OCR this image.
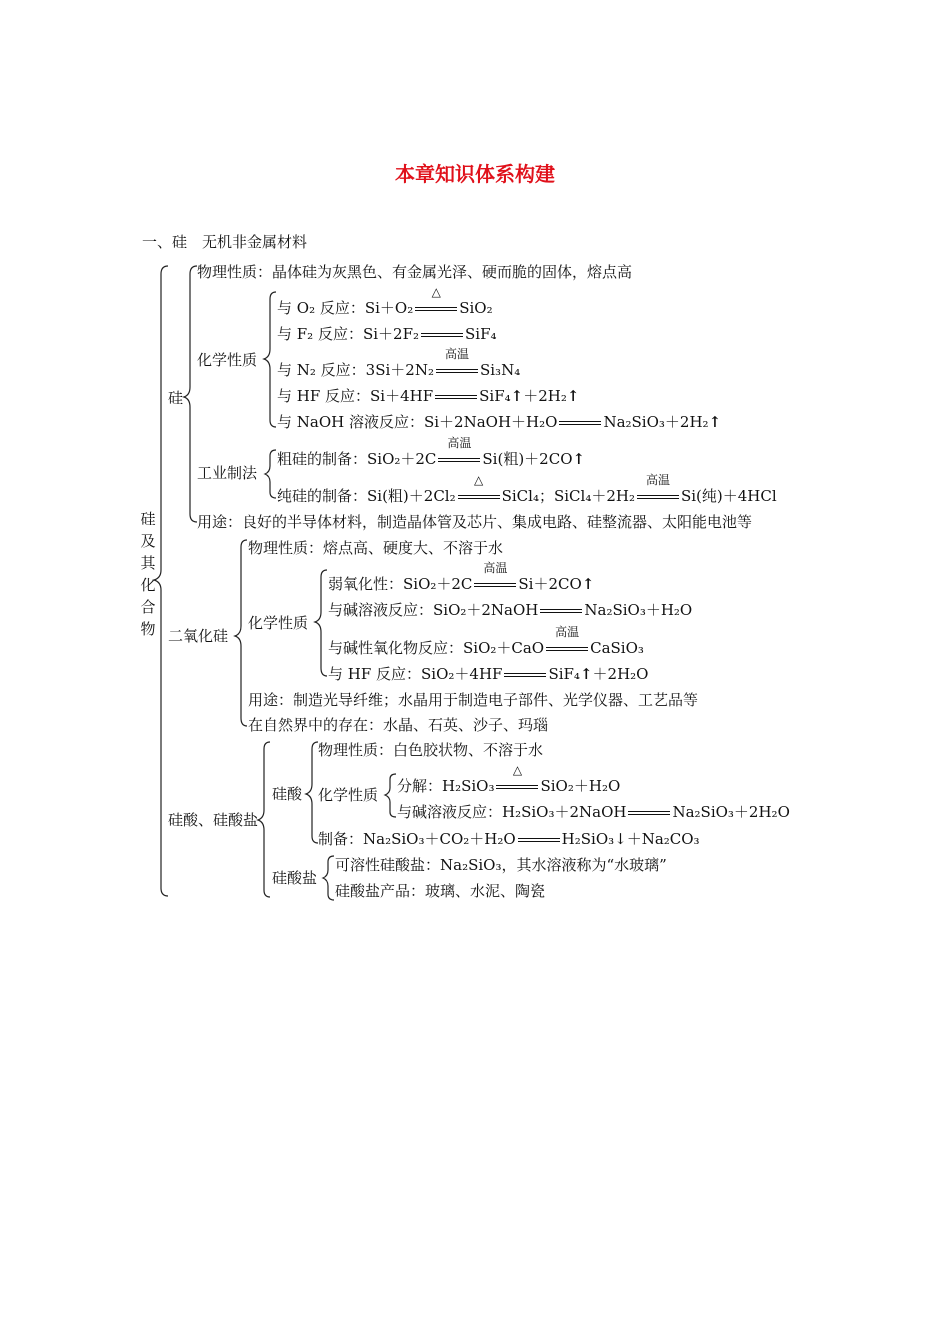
本章知识体系构建
一、硅　无机非金属材料
硅
及
其
化
合
物
硅
物理性质：晶体硅为灰黑色、有金属光泽、硬而脆的固体，熔点高
化学性质
与 O₂ 反应：Si＋O₂
△
SiO₂
与 F₂ 反应：Si＋2F₂	SiF₄
与 N₂ 反应：3Si＋2N₂
高温
Si₃N₄
与 HF 反应：Si＋4HF	SiF₄ ↑ ＋2H₂ ↑
与 NaOH 溶液反应：Si＋2NaOH＋H₂O	Na₂SiO₃＋2H₂ ↑
工业制法
粗硅的制备：SiO₂＋2C
高温
Si(粗)＋2CO ↑
纯硅的制备：Si(粗)＋2Cl₂
△
SiCl₄；SiCl₄＋2H₂
高温
Si(纯)＋4HCl
用途：良好的半导体材料，制造晶体管及芯片、集成电路、硅整流器、太阳能电池等
二氧化硅
物理性质：熔点高、硬度大、不溶于水
化学性质
弱氧化性：SiO₂＋2C
高温
Si＋2CO ↑
与碱溶液反应：SiO₂＋2NaOH	Na₂SiO₃＋H₂O
与碱性氧化物反应：SiO₂＋CaO
高温
CaSiO₃
与 HF 反应：SiO₂＋4HF	SiF₄ ↑ ＋2H₂O
用途：制造光导纤维；水晶用于制造电子部件、光学仪器、工艺品等
在自然界中的存在：水晶、石英、沙子、玛瑙
硅酸、硅酸盐
硅酸
物理性质：白色胶状物、不溶于水
化学性质 分解：H₂SiO₃
△
SiO₂＋H₂O
与碱溶液反应：H₂SiO₃＋2NaOH	Na₂SiO₃＋2H₂O
制备：Na₂SiO₃＋CO₂＋H₂O	H₂SiO₃↓＋Na₂CO₃
硅酸盐
可溶性硅酸盐：Na₂SiO₃，其水溶液称为“水玻璃”
硅酸盐产品：玻璃、水泥、陶瓷
